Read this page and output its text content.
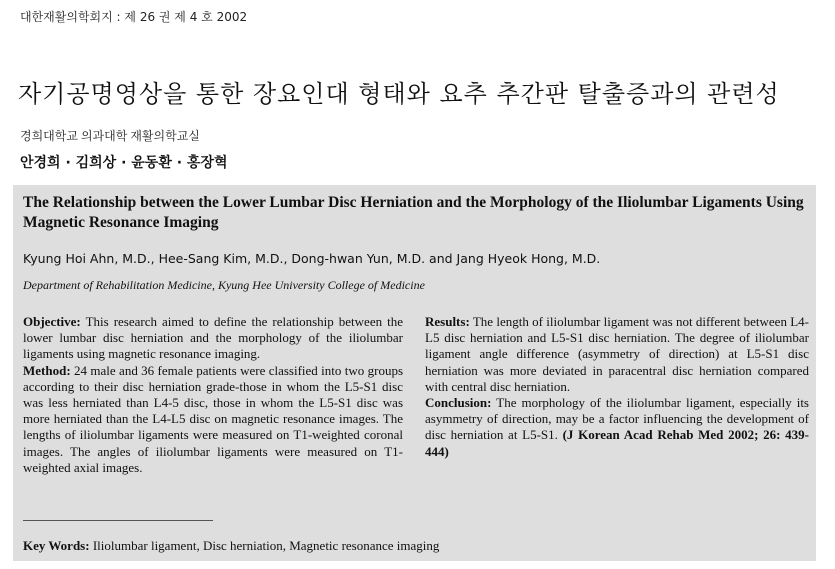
대한재활의학회지 : 제 26 권 제 4 호 2002
자기공명영상을 통한 장요인대 형태와 요추 추간판 탈출증과의 관련성
경희대학교 의과대학 재활의학교실
안경희 · 김희상 · 윤동환 · 홍장혁
The Relationship between the Lower Lumbar Disc Herniation and the Morphology of the Iliolumbar Ligaments Using Magnetic Resonance Imaging
Kyung Hoi Ahn, M.D., Hee-Sang Kim, M.D., Dong-hwan Yun, M.D. and Jang Hyeok Hong, M.D.
Department of Rehabilitation Medicine, Kyung Hee University College of Medicine

Objective: This research aimed to define the relationship between the lower lumbar disc herniation and the morphology of the iliolumbar ligaments using magnetic resonance imaging.

Method: 24 male and 36 female patients were classified into two groups according to their disc herniation grade-those in whom the L5-S1 disc was less herniated than L4-5 disc, those in whom the L5-S1 disc was more herniated than the L4-L5 disc on magnetic resonance images. The lengths of iliolumbar ligaments were measured on T1-weighted coronal images. The angles of iliolumbar ligaments were measured on T1-weighted axial images.

Results: The length of iliolumbar ligament was not different between L4-L5 disc herniation and L5-S1 disc herniation. The degree of iliolumbar ligament angle difference (asymmetry of direction) at L5-S1 disc herniation was more deviated in paracentral disc herniation compared with central disc herniation.

Conclusion: The morphology of the iliolumbar ligament, especially its asymmetry of direction, may be a factor influencing the development of disc herniation at L5-S1. (J Korean Acad Rehab Med 2002; 26: 439-444)

Key Words: Iliolumbar ligament, Disc herniation, Magnetic resonance imaging
